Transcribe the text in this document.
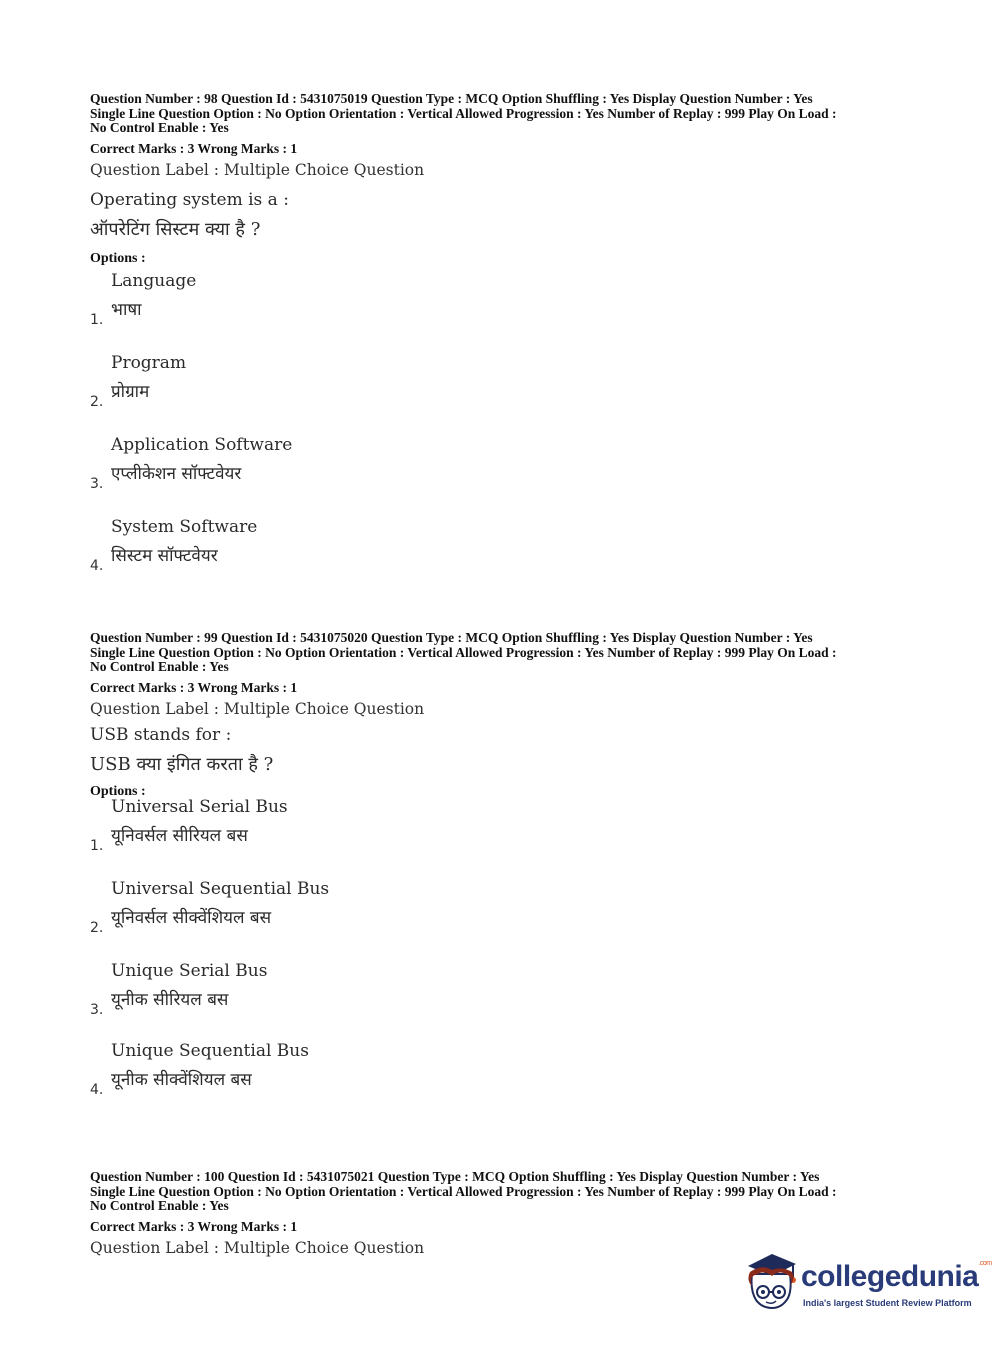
Question Number : 98 Question Id : 5431075019 Question Type : MCQ Option Shuffling : Yes Display Question Number : Yes

Single Line Question Option : No Option Orientation : Vertical Allowed Progression : Yes Number of Replay : 999 Play On Load :

No Control Enable : Yes

Correct Marks : 3 Wrong Marks : 1
Question Label : Multiple Choice Question
Operating system is a :
ऑपरेटिंग सिस्टम क्या है ?
Options :
Language
भाषा
1.
Program
प्रोग्राम
2.
Application Software
एप्लीकेशन सॉफ्टवेयर
3.
System Software
सिस्टम सॉफ्टवेयर
4.

Question Number : 99 Question Id : 5431075020 Question Type : MCQ Option Shuffling : Yes Display Question Number : Yes

Single Line Question Option : No Option Orientation : Vertical Allowed Progression : Yes Number of Replay : 999 Play On Load :

No Control Enable : Yes

Correct Marks : 3 Wrong Marks : 1
Question Label : Multiple Choice Question
USB stands for :
USB क्या इंगित करता है ?
Options :
Universal Serial Bus
यूनिवर्सल सीरियल बस
1.
Universal Sequential Bus
यूनिवर्सल सीक्वेंशियल बस
2.
Unique Serial Bus
यूनीक सीरियल बस
3.
Unique Sequential Bus
यूनीक सीक्वेंशियल बस
4.

Question Number : 100 Question Id : 5431075021 Question Type : MCQ Option Shuffling : Yes Display Question Number : Yes

Single Line Question Option : No Option Orientation : Vertical Allowed Progression : Yes Number of Replay : 999 Play On Load :

No Control Enable : Yes

Correct Marks : 3 Wrong Marks : 1
Question Label : Multiple Choice Question
collegedunia$^{.com}$
India's largest Student Review Platform
